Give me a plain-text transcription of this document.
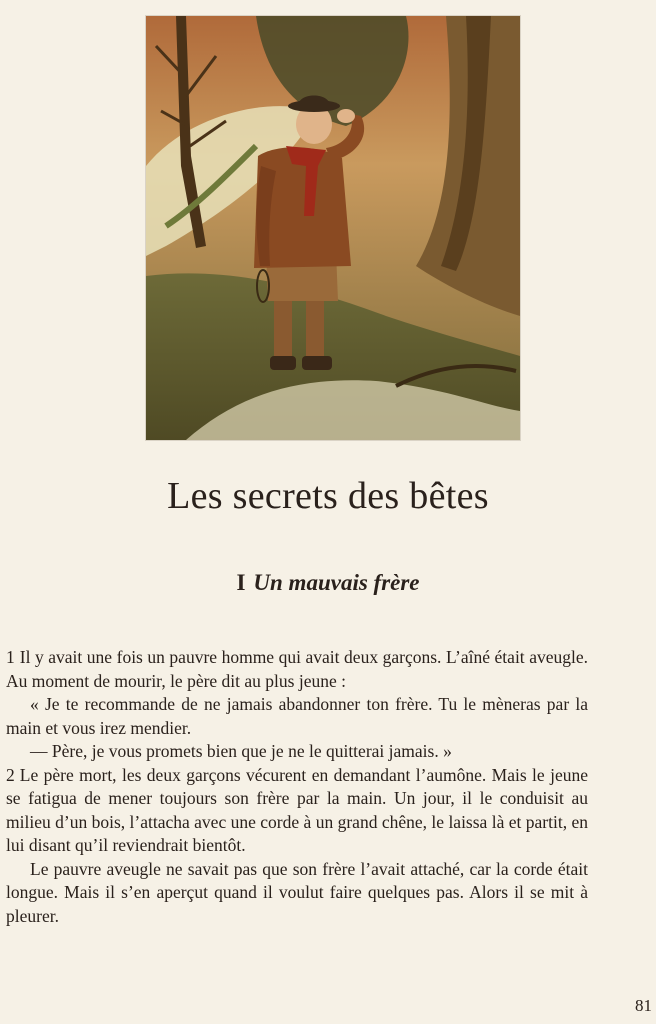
Les secrets des bêtes
I Un mauvais frère

1 Il y avait une fois un pauvre homme qui avait deux garçons. L’aîné était aveugle. Au moment de mourir, le père dit au plus jeune :

« Je te recommande de ne jamais abandonner ton frère. Tu le mèneras par la main et vous irez mendier.

— Père, je vous promets bien que je ne le quitterai jamais. »

2 Le père mort, les deux garçons vécurent en demandant l’aumône. Mais le jeune se fatigua de mener toujours son frère par la main. Un jour, il le conduisit au milieu d’un bois, l’attacha avec une corde à un grand chêne, le laissa là et partit, en lui disant qu’il reviendrait bientôt.

Le pauvre aveugle ne savait pas que son frère l’avait attaché, car la corde était longue. Mais il s’en aperçut quand il voulut faire quelques pas. Alors il se mit à pleurer.

81
